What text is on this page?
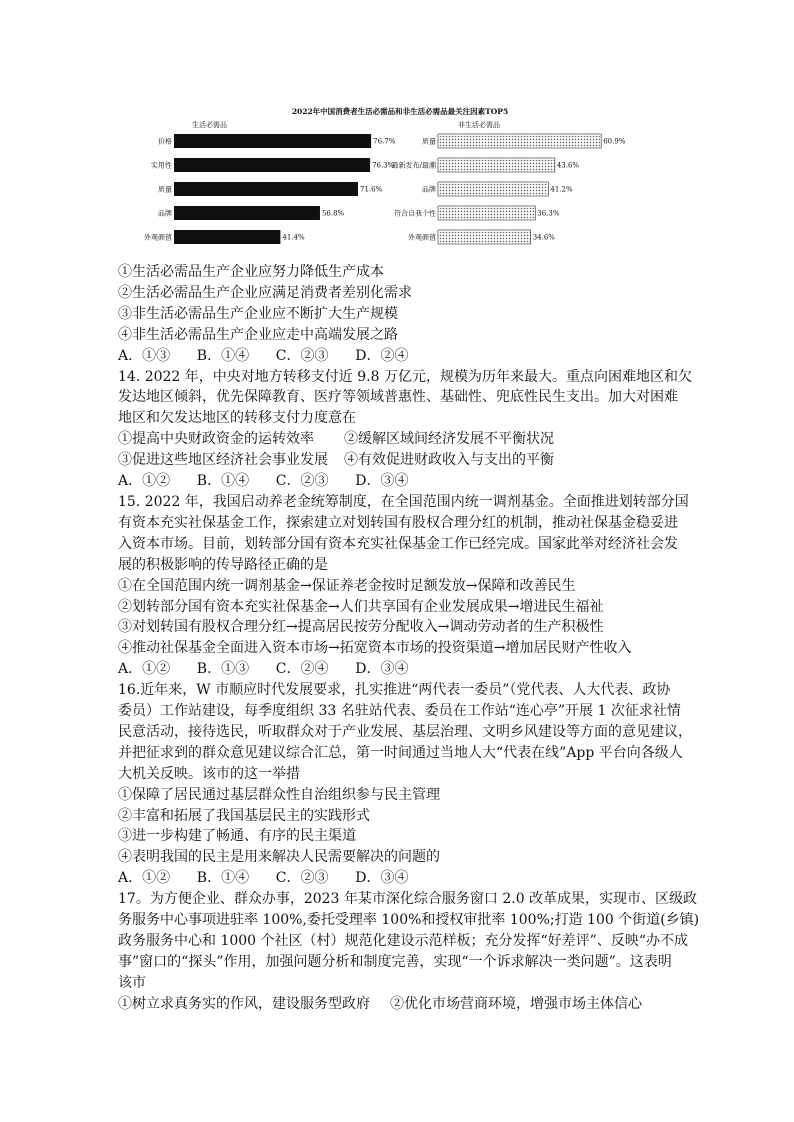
2022年中国消费者生活必需品和非生活必需品最关注因素TOP5
生活必需品	非生活必需品
价格	76.7%
实用性	76.3%
质量	71.6%
品牌	56.8%
外观颜值	41.4%
质量	60.9%
最新发布/最潮	43.6%
品牌	41.2%
符合自我个性	36.3%
外观颜值	34.6%
①生活必需品生产企业应努力降低生产成本
②生活必需品生产企业应满足消费者差别化需求
③非生活必需品生产企业应不断扩大生产规模
④非生活必需品生产企业应走中高端发展之路
A．①③      B．①④      C．②③      D．②④
14. 2022 年，中央对地方转移支付近 9.8 万亿元，规模为历年来最大。重点向困难地区和欠
发达地区倾斜，优先保障教育、医疗等领域普惠性、基础性、兜底性民生支出。加大对困难
地区和欠发达地区的转移支付力度意在
①提高中央财政资金的运转效率 ②缓解区域间经济发展不平衡状况
③促进这些地区经济社会事业发展 ④有效促进财政收入与支出的平衡
A．①②      B．①④      C．②③      D．③④
15. 2022 年，我国启动养老金统筹制度，在全国范围内统一调剂基金。全面推进划转部分国
有资本充实社保基金工作，探索建立对划转国有股权合理分红的机制，推动社保基金稳妥进
入资本市场。目前，划转部分国有资本充实社保基金工作已经完成。国家此举对经济社会发
展的积极影响的传导路径正确的是
①在全国范围内统一调剂基金→保证养老金按时足额发放→保障和改善民生
②划转部分国有资本充实社保基金→人们共享国有企业发展成果→增进民生福祉
③对划转国有股权合理分红→提高居民按劳分配收入→调动劳动者的生产积极性
④推动社保基金全面进入资本市场→拓宽资本市场的投资渠道→增加居民财产性收入
A．①②      B．①③      C．②④      D．③④
16.近年来，W 市顺应时代发展要求，扎实推进“两代表一委员”（党代表、人大代表、政协
委员）工作站建设，每季度组织 33 名驻站代表、委员在工作站“连心亭”开展 1 次征求社情
民意活动，接待选民，听取群众对于产业发展、基层治理、文明乡风建设等方面的意见建议，
并把征求到的群众意见建议综合汇总，第一时间通过当地人大“代表在线”App 平台向各级人
大机关反映。该市的这一举措
①保障了居民通过基层群众性自治组织参与民主管理
②丰富和拓展了我国基层民主的实践形式
③进一步构建了畅通、有序的民主渠道
④表明我国的民主是用来解决人民需要解决的问题的
A．①②      B．①④      C．②③      D．③④
17。为方便企业、群众办事，2023 年某市深化综合服务窗口 2.0 改革成果，实现市、区级政
务服务中心事项进驻率 100%,委托受理率 100%和授权审批率 100%;打造 100 个街道(乡镇)
政务服务中心和 1000 个社区（村）规范化建设示范样板；充分发挥“好差评”、反映“办不成
事”窗口的“探头”作用，加强问题分析和制度完善，实现“一个诉求解决一类问题”。这表明
该市
①树立求真务实的作风，建设服务型政府 ②优化市场营商环境，增强市场主体信心
